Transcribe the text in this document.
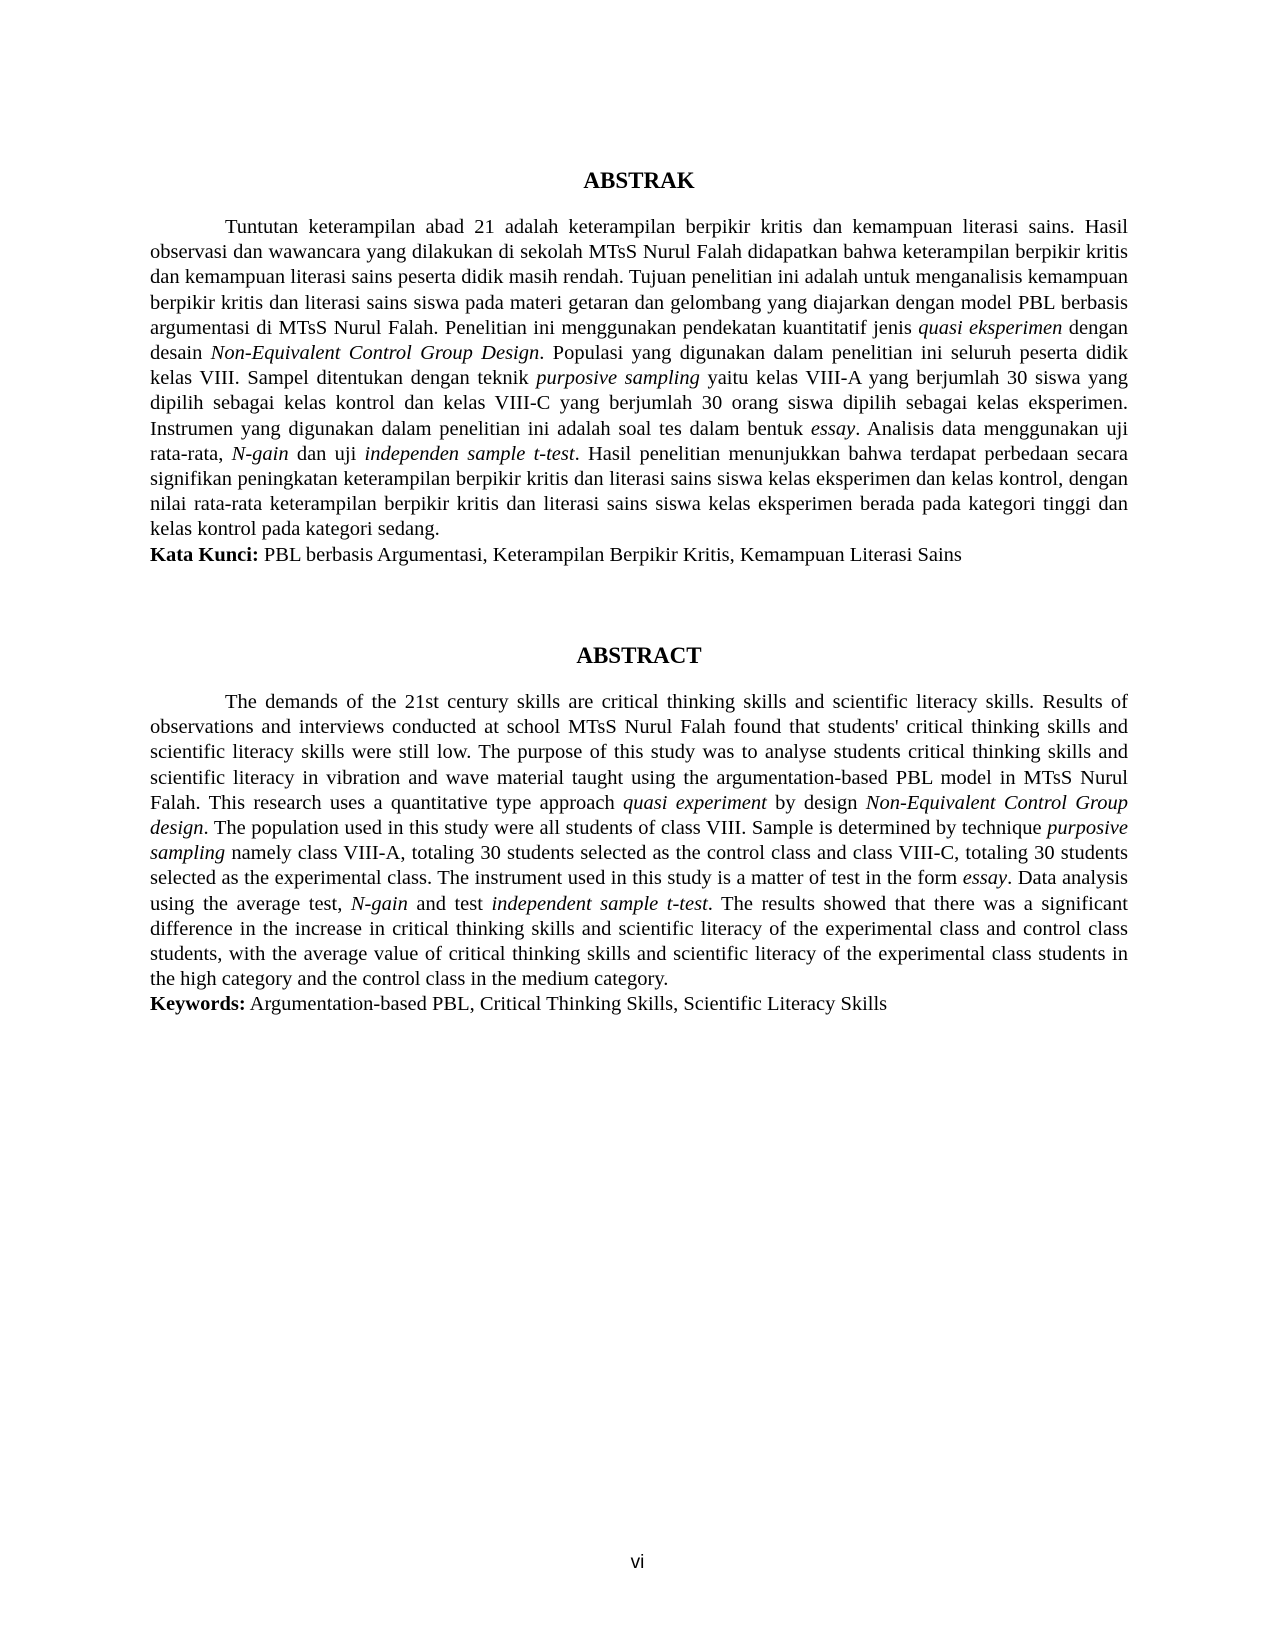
ABSTRAK

Tuntutan keterampilan abad 21 adalah keterampilan berpikir kritis dan kemampuan literasi sains. Hasil observasi dan wawancara yang dilakukan di sekolah MTsS Nurul Falah didapatkan bahwa keterampilan berpikir kritis dan kemampuan literasi sains peserta didik masih rendah. Tujuan penelitian ini adalah untuk menganalisis kemampuan berpikir kritis dan literasi sains siswa pada materi getaran dan gelombang yang diajarkan dengan model PBL berbasis argumentasi di MTsS Nurul Falah. Penelitian ini menggunakan pendekatan kuantitatif jenis quasi eksperimen dengan desain Non-Equivalent Control Group Design. Populasi yang digunakan dalam penelitian ini seluruh peserta didik kelas VIII. Sampel ditentukan dengan teknik purposive sampling yaitu kelas VIII-A yang berjumlah 30 siswa yang dipilih sebagai kelas kontrol dan kelas VIII-C yang berjumlah 30 orang siswa dipilih sebagai kelas eksperimen. Instrumen yang digunakan dalam penelitian ini adalah soal tes dalam bentuk essay. Analisis data menggunakan uji rata-rata, N-gain dan uji independen sample t-test. Hasil penelitian menunjukkan bahwa terdapat perbedaan secara signifikan peningkatan keterampilan berpikir kritis dan literasi sains siswa kelas eksperimen dan kelas kontrol, dengan nilai rata-rata keterampilan berpikir kritis dan literasi sains siswa kelas eksperimen berada pada kategori tinggi dan kelas kontrol pada kategori sedang.

Kata Kunci: PBL berbasis Argumentasi, Keterampilan Berpikir Kritis, Kemampuan Literasi Sains

ABSTRACT

The demands of the 21st century skills are critical thinking skills and scientific literacy skills. Results of observations and interviews conducted at school MTsS Nurul Falah found that students' critical thinking skills and scientific literacy skills were still low. The purpose of this study was to analyse students critical thinking skills and scientific literacy in vibration and wave material taught using the argumentation-based PBL model in MTsS Nurul Falah. This research uses a quantitative type approach quasi experiment by design Non-Equivalent Control Group design. The population used in this study were all students of class VIII. Sample is determined by technique purposive sampling namely class VIII-A, totaling 30 students selected as the control class and class VIII-C, totaling 30 students selected as the experimental class. The instrument used in this study is a matter of test in the form essay. Data analysis using the average test, N-gain and test independent sample t-test. The results showed that there was a significant difference in the increase in critical thinking skills and scientific literacy of the experimental class and control class students, with the average value of critical thinking skills and scientific literacy of the experimental class students in the high category and the control class in the medium category.

Keywords: Argumentation-based PBL, Critical Thinking Skills, Scientific Literacy Skills

vi
